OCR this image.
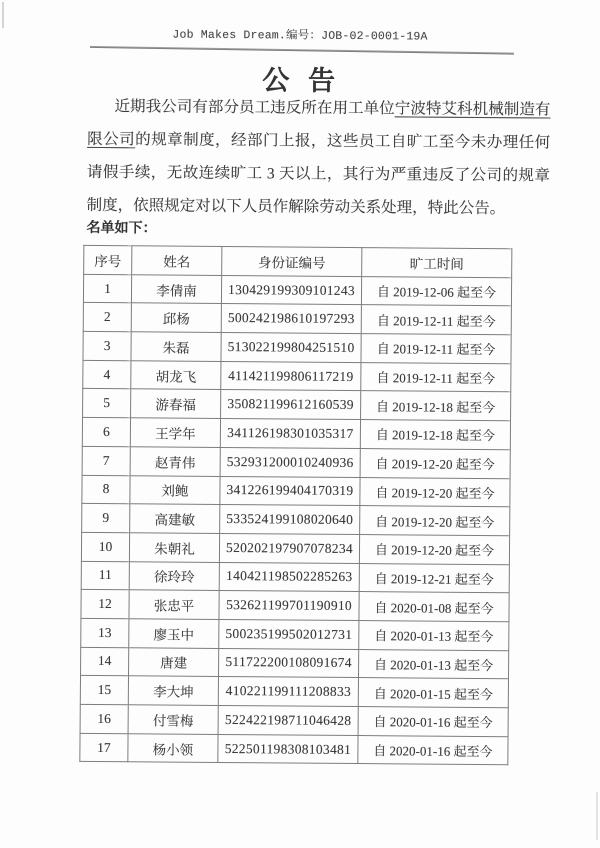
Job Makes Dream.编号：JOB-02-0001-19A
公 告

近期我公司有部分员工违反所在用工单位宁波特艾科机械制造有限公司的规章制度，经部门上报，这些员工自旷工至今未办理任何请假手续，无故连续旷工 3 天以上，其行为严重违反了公司的规章制度，依照规定对以下人员作解除劳动关系处理，特此公告。

名单如下：
序号	姓名	身份证编号	旷工时间
1	李倩南	130429199309101243	自 2019-12-06 起至今
2	邱杨	500242198610197293	自 2019-12-11 起至今
3	朱磊	513022199804251510	自 2019-12-11 起至今
4	胡龙飞	411421199806117219	自 2019-12-11 起至今
5	游春福	350821199612160539	自 2019-12-18 起至今
6	王学年	341126198301035317	自 2019-12-18 起至今
7	赵青伟	532931200010240936	自 2019-12-20 起至今
8	刘鲍	341226199404170319	自 2019-12-20 起至今
9	高建敏	533524199108020640	自 2019-12-20 起至今
10	朱朝礼	520202197907078234	自 2019-12-20 起至今
11	徐玲玲	140421198502285263	自 2019-12-21 起至今
12	张忠平	532621199701190910	自 2020-01-08 起至今
13	廖玉中	500235199502012731	自 2020-01-13 起至今
14	唐建	511722200108091674	自 2020-01-13 起至今
15	李大坤	410221199111208833	自 2020-01-15 起至今
16	付雪梅	522422198711046428	自 2020-01-16 起至今
17	杨小领	522501198308103481	自 2020-01-16 起至今
